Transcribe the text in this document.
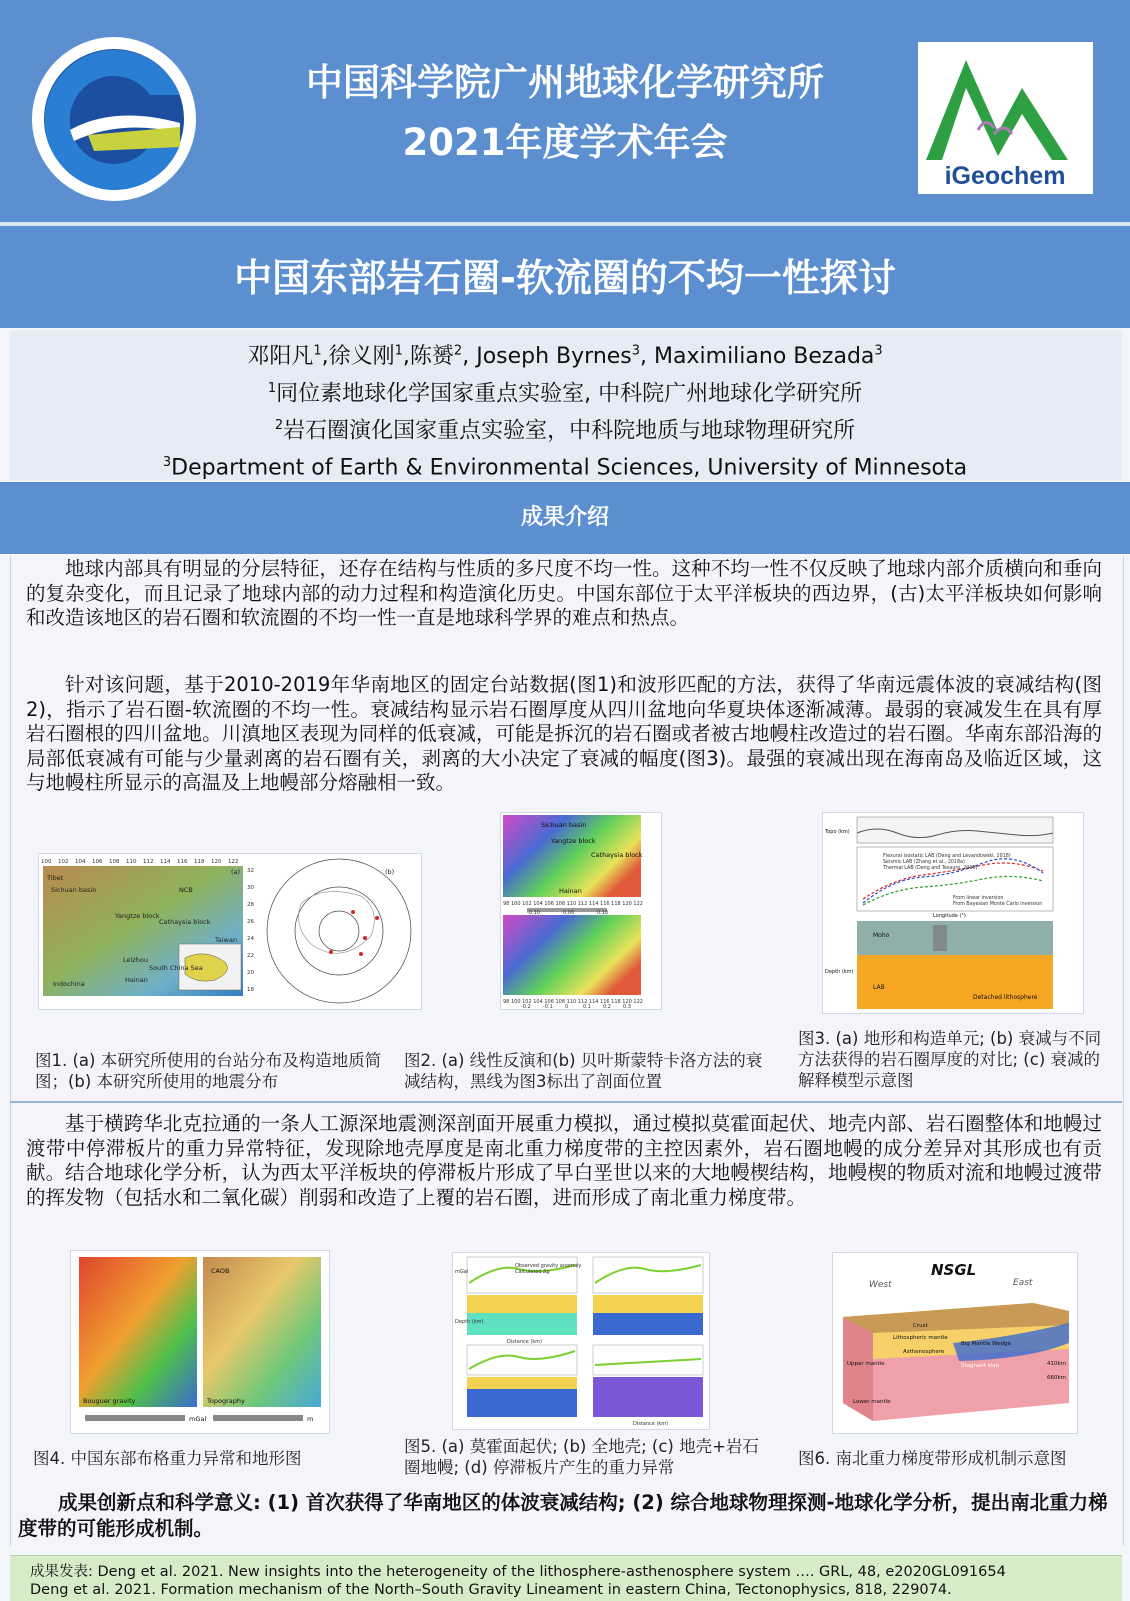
GIGCAS
中国科学院广州地球化学研究所
2021年度学术年会
iGeochem
中国东部岩石圈-软流圈的不均一性探讨
邓阳凡$^1$,徐义刚$^1$,陈赟$^2$, Joseph Byrnes$^3$, Maximiliano Bezada$^3$
$^1$同位素地球化学国家重点实验室, 中科院广州地球化学研究所
$^2$岩石圈演化国家重点实验室，中科院地质与地球物理研究所
$^3$Department of Earth & Environmental Sciences, University of Minnesota
成果介绍
地球内部具有明显的分层特征，还存在结构与性质的多尺度不均一性。这种不均一性不仅反映了地球内部介质横向和垂向的复杂变化，而且记录了地球内部的动力过程和构造演化历史。中国东部位于太平洋板块的西边界，(古)太平洋板块如何影响和改造该地区的岩石圈和软流圈的不均一性一直是地球科学界的难点和热点。
针对该问题，基于2010-2019年华南地区的固定台站数据(图1)和波形匹配的方法，获得了华南远震体波的衰减结构(图2)，指示了岩石圈-软流圈的不均一性。衰减结构显示岩石圈厚度从四川盆地向华夏块体逐渐减薄。最弱的衰减发生在具有厚岩石圈根的四川盆地。川滇地区表现为同样的低衰减，可能是拆沉的岩石圈或者被古地幔柱改造过的岩石圈。华南东部沿海的局部低衰减有可能与少量剥离的岩石圈有关，剥离的大小决定了衰减的幅度(图3)。最强的衰减出现在海南岛及临近区域，这与地幔柱所显示的高温及上地幔部分熔融相一致。
Tibet
Sichuan basin
Yangtze block
Cathaysia block
NCB
Hainan
Indochina
South China Sea
Taiwan
Leizhou
(a)	(b)
100 102 104 106 108 110 112 114 116 118 120 122
32
30
28
26
24
22
20
18
图1. (a) 本研究所使用的台站分布及构造地质简图；(b) 本研究所使用的地震分布
Sichuan basin
Yangtze block
Cathaysia block
Hainan
98 100 102 104 106 108 110 112 114 116 118 120 122
-0.10	0.00	0.10
98 100 102 104 106 108 110 112 114 116 118 120 122
-0.2 -0.1 0	0.1 0.2 0.3
图2. (a) 线性反演和(b) 贝叶斯蒙特卡洛方法的衰减结构，黑线为图3标出了剖面位置
Flexural isostatic LAB (Deng and Levandowski, 2018)
Seismic LAB (Zhang et al., 2018a)
Thermal LAB (Deng and Tesauro, 2016)
From linear inversion
From Bayesian Monte Carlo inversion
Moho
LAB
Detached lithosphere
Longitude (°)
Depth (km)
Topo (km)
图3. (a) 地形和构造单元; (b) 衰减与不同方法获得的岩石圈厚度的对比; (c) 衰减的解释模型示意图
基于横跨华北克拉通的一条人工源深地震测深剖面开展重力模拟，通过模拟莫霍面起伏、地壳内部、岩石圈整体和地幔过渡带中停滞板片的重力异常特征，发现除地壳厚度是南北重力梯度带的主控因素外，岩石圈地幔的成分差异对其形成也有贡献。结合地球化学分析，认为西太平洋板块的停滞板片形成了早白垩世以来的大地幔楔结构，地幔楔的物质对流和地幔过渡带的挥发物（包括水和二氧化碳）削弱和改造了上覆的岩石圈，进而形成了南北重力梯度带。
Bouguer gravity	Topography
CAOB
mGal	m
图4. 中国东部布格重力异常和地形图
mGal
Depth (km)
Distance (km)
Distance (km)
Observed gravity anomaly
Calculated Δg
图5. (a) 莫霍面起伏; (b) 全地壳; (c) 地壳+岩石圈地幔; (d) 停滞板片产生的重力异常
NSGL
West	East
Crust
Lithospheric mantle
Asthenosphere
Upper mantle
Lower mantle
Big Mantle Wedge
Stagnant slab	410km
660km
图6. 南北重力梯度带形成机制示意图
成果创新点和科学意义: (1) 首次获得了华南地区的体波衰减结构; (2) 综合地球物理探测-地球化学分析，提出南北重力梯度带的可能形成机制。
成果发表: Deng et al. 2021. New insights into the heterogeneity of the lithosphere-asthenosphere system …. GRL, 48, e2020GL091654
Deng et al. 2021. Formation mechanism of the North–South Gravity Lineament in eastern China, Tectonophysics, 818, 229074.
